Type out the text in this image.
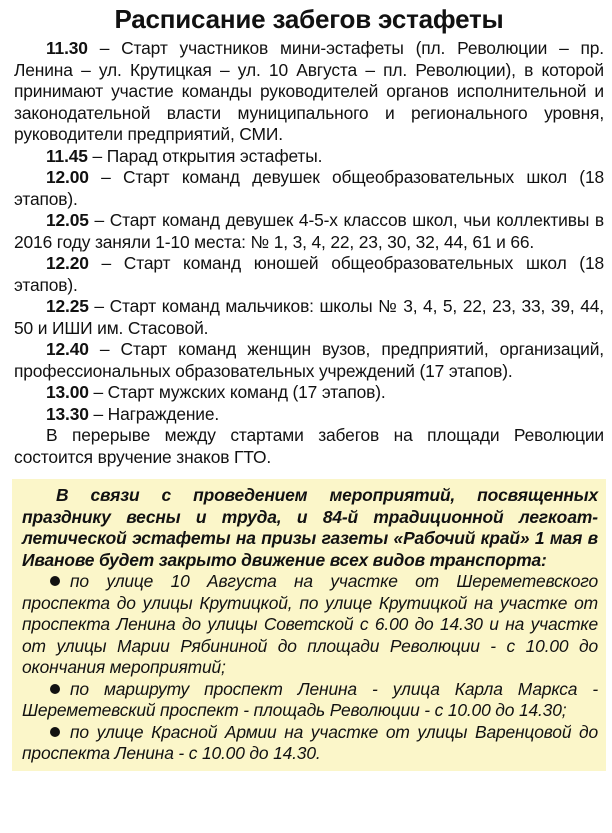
Расписание забегов эстафеты

11.30 – Старт участников мини-эстафеты (пл. Революции – пр. Ленина – ул. Крутицкая – ул. 10 Августа – пл. Революции), в которой принимают участие команды руководителей органов исполнительной и законодательной власти муниципального и регионального уровня, руководители предприятий, СМИ.

11.45 – Парад открытия эстафеты.

12.00 – Старт команд девушек общеобразовательных школ (18 этапов).

12.05 – Старт команд девушек 4-5-х классов школ, чьи коллективы в 2016 году заняли 1-10 места: № 1, 3, 4, 22, 23, 30, 32, 44, 61 и 66.

12.20 – Старт команд юношей общеобразовательных школ (18 этапов).

12.25 – Старт команд мальчиков: школы № 3, 4, 5, 22, 23, 33, 39, 44, 50 и ИШИ им. Стасовой.

12.40 – Старт команд женщин вузов, предприятий, организаций, профессиональных образовательных учреждений (17 этапов).

13.00 – Старт мужских команд (17 этапов).

13.30 – Награждение.

В перерыве между стартами забегов на площади Революции состоится вручение знаков ГТО.

В связи с проведением мероприятий, посвященных празднику весны и труда, и 84-й традиционной легкоатлетической эстафеты на призы газеты «Рабочий край» 1 мая в Иванове будет закрыто движение всех видов транспорта:

по улице 10 Августа на участке от Шереметевского проспекта до улицы Крутицкой, по улице Крутицкой на участке от проспекта Ленина до улицы Советской с 6.00 до 14.30 и на участке от улицы Марии Рябининой до площади Революции - с 10.00 до окончания мероприятий;

по маршруту проспект Ленина - улица Карла Маркса - Шереметевский проспект - площадь Революции - с 10.00 до 14.30;

по улице Красной Армии на участке от улицы Варенцовой до проспекта Ленина - с 10.00 до 14.30.
